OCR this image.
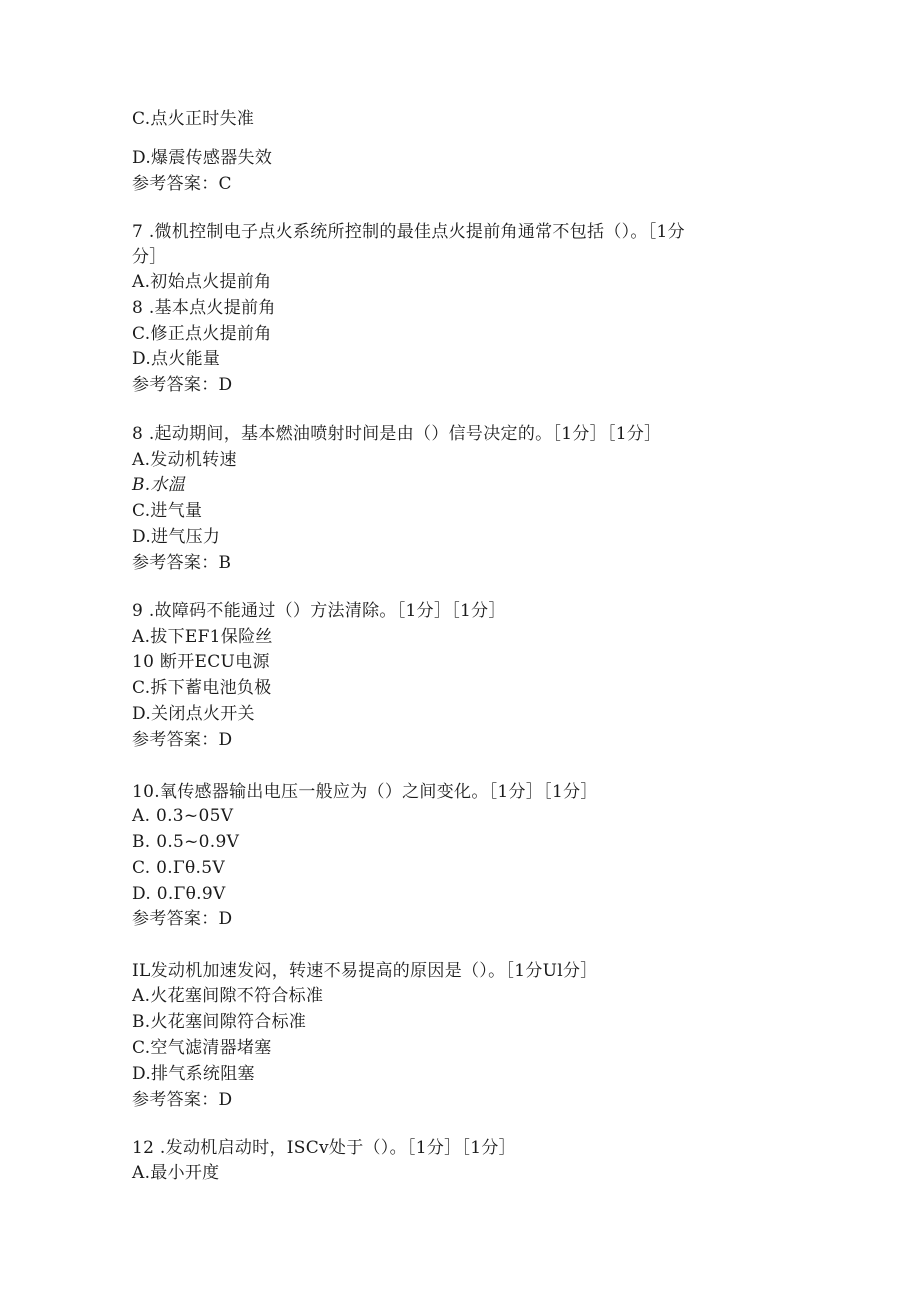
C.点火正时失准
D.爆震传感器失效
参考答案：C
7 .微机控制电子点火系统所控制的最佳点火提前角通常不包括（）。［1分
分］
A.初始点火提前角
8 .基本点火提前角
C.修正点火提前角
D.点火能量
参考答案：D
8 .起动期间，基本燃油喷射时间是由（）信号决定的。［1分］［1分］
A.发动机转速
B.水温
C.进气量
D.进气压力
参考答案：B
9 .故障码不能通过（）方法清除。［1分］［1分］
A.拔下EF1保险丝
10 断开ECU电源
C.拆下蓄电池负极
D.关闭点火开关
参考答案：D
10.氧传感器输出电压一般应为（）之间变化。［1分］［1分］
A. 0.3~05V
B. 0.5~0.9V
C. 0.Γθ.5V
D. 0.Γθ.9V
参考答案：D
IL发动机加速发闷，转速不易提高的原因是（）。［1分Ul分］
A.火花塞间隙不符合标准
B.火花塞间隙符合标准
C.空气滤清器堵塞
D.排气系统阻塞
参考答案：D
12 .发动机启动时，ISCv处于（）。［1分］［1分］
A.最小开度
